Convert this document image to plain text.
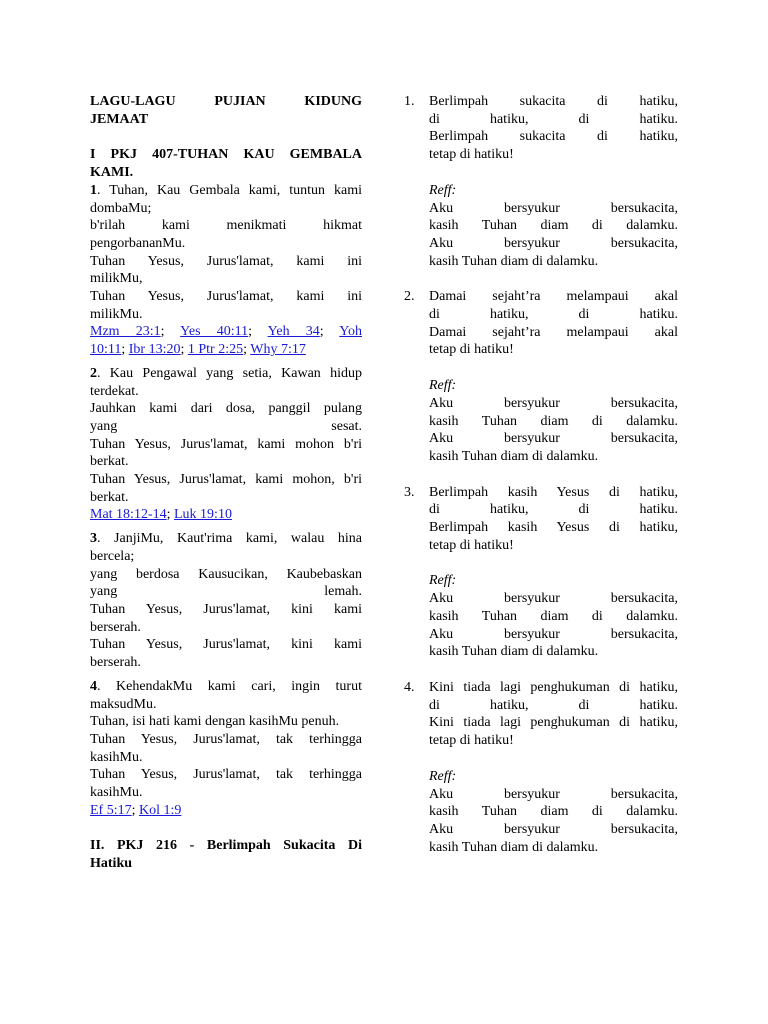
LAGU-LAGU PUJIAN KIDUNG
JEMAAT
I PKJ 407-TUHAN KAU GEMBALA
KAMI.
1. Tuhan, Kau Gembala kami, tuntun kami
dombaMu;
b'rilah kami menikmati hikmat
pengorbananMu.
Tuhan Yesus, Jurus'lamat, kami ini
milikMu,
Tuhan Yesus, Jurus'lamat, kami ini
milikMu.
Mzm 23:1; Yes 40:11; Yeh 34; Yoh
10:11; Ibr 13:20; 1 Ptr 2:25; Why 7:17
2. Kau Pengawal yang setia, Kawan hidup
terdekat.
Jauhkan kami dari dosa, panggil pulang
yang sesat.
Tuhan Yesus, Jurus'lamat, kami mohon b'ri
berkat.
Tuhan Yesus, Jurus'lamat, kami mohon, b'ri
berkat.
Mat 18:12-14; Luk 19:10
3. JanjiMu, Kaut'rima kami, walau hina
bercela;
yang berdosa Kausucikan, Kaubebaskan
yang lemah.
Tuhan Yesus, Jurus'lamat, kini kami
berserah.
Tuhan Yesus, Jurus'lamat, kini kami
berserah.
4. KehendakMu kami cari, ingin turut
maksudMu.
Tuhan, isi hati kami dengan kasihMu penuh.
Tuhan Yesus, Jurus'lamat, tak terhingga
kasihMu.
Tuhan Yesus, Jurus'lamat, tak terhingga
kasihMu.
Ef 5:17; Kol 1:9
II. PKJ 216 - Berlimpah Sukacita Di
Hatiku
1.	Berlimpah sukacita di hatiku,
di hatiku, di hatiku.
Berlimpah sukacita di hatiku,
tetap di hatiku!
Reff:
Aku bersyukur bersukacita,
kasih Tuhan diam di dalamku.
Aku bersyukur bersukacita,
kasih Tuhan diam di dalamku.
2.	Damai sejaht’ra melampaui akal
di hatiku, di hatiku.
Damai sejaht’ra melampaui akal
tetap di hatiku!
Reff:
Aku bersyukur bersukacita,
kasih Tuhan diam di dalamku.
Aku bersyukur bersukacita,
kasih Tuhan diam di dalamku.
3.	Berlimpah kasih Yesus di hatiku,
di hatiku, di hatiku.
Berlimpah kasih Yesus di hatiku,
tetap di hatiku!
Reff:
Aku bersyukur bersukacita,
kasih Tuhan diam di dalamku.
Aku bersyukur bersukacita,
kasih Tuhan diam di dalamku.
4.	Kini tiada lagi penghukuman di hatiku,
di hatiku, di hatiku.
Kini tiada lagi penghukuman di hatiku,
tetap di hatiku!
Reff:
Aku bersyukur bersukacita,
kasih Tuhan diam di dalamku.
Aku bersyukur bersukacita,
kasih Tuhan diam di dalamku.
